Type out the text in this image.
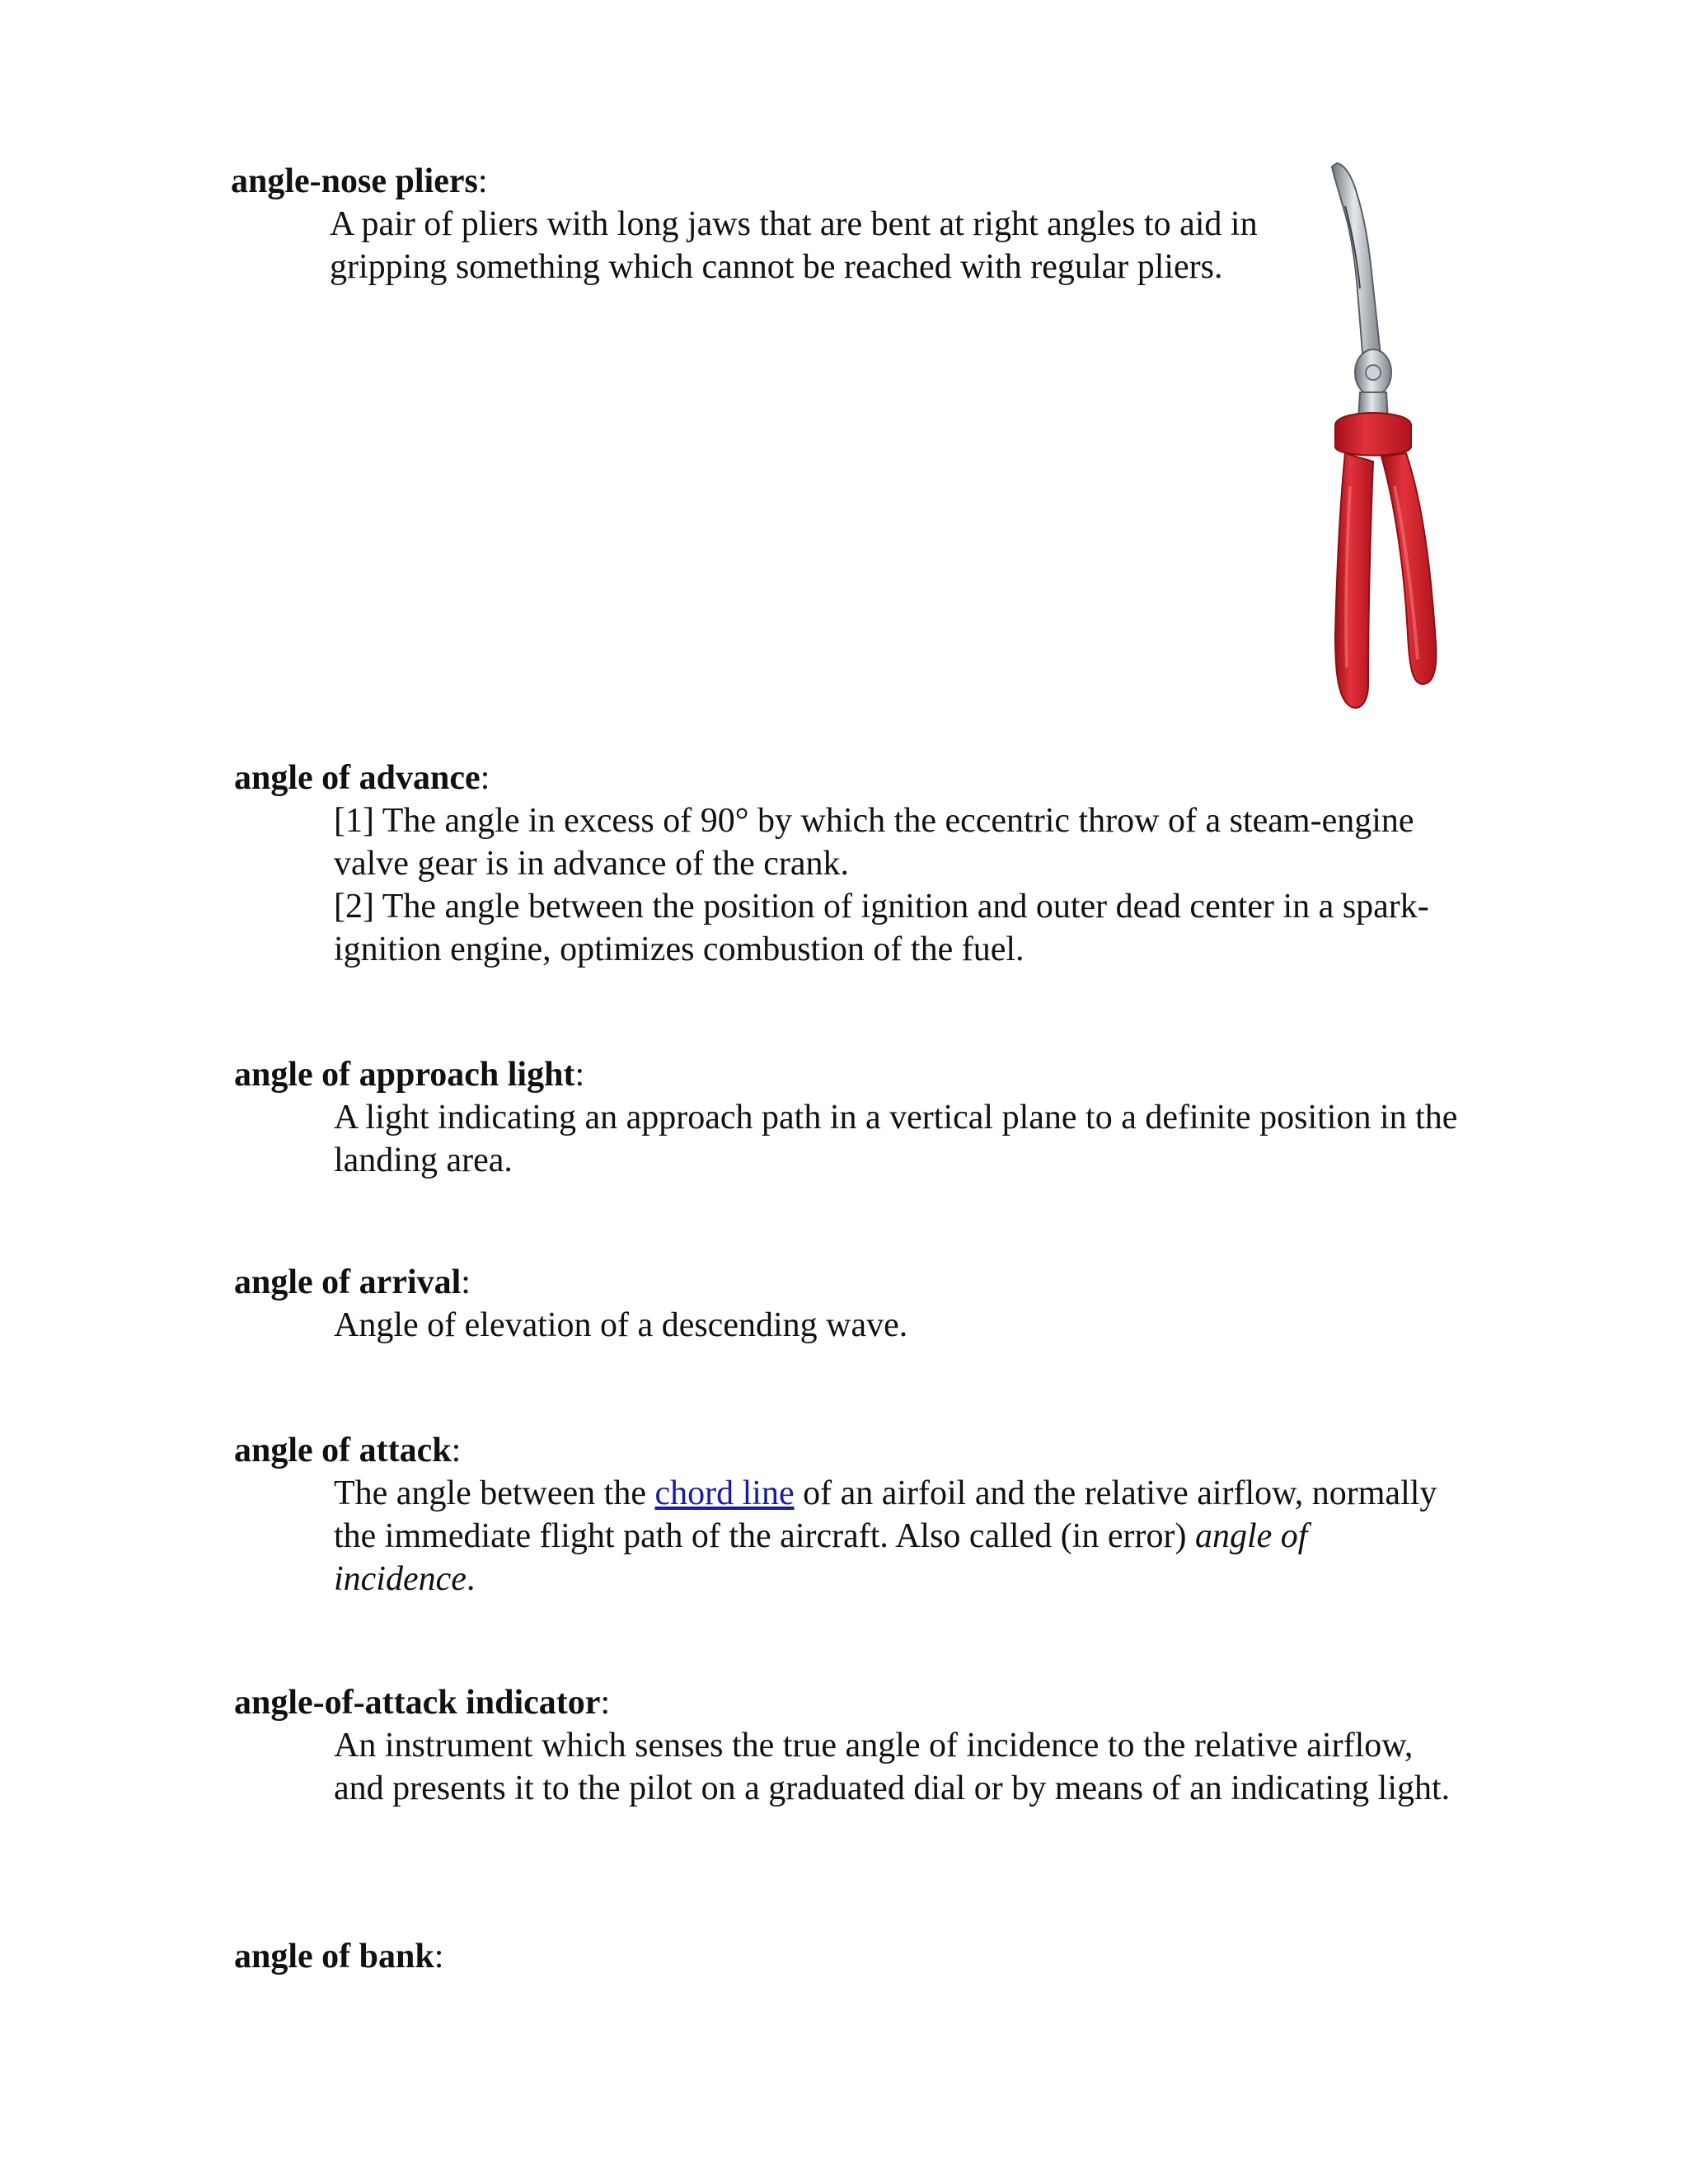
angle-nose pliers:

A pair of pliers with long jaws that are bent at right angles to aid in gripping something which cannot be reached with regular pliers.

angle of advance:

[1] The angle in excess of 90° by which the eccentric throw of a steam-engine valve gear is in advance of the crank.

[2] The angle between the position of ignition and outer dead center in a spark-ignition engine, optimizes combustion of the fuel.

angle of approach light:

A light indicating an approach path in a vertical plane to a definite position in the landing area.

angle of arrival:

Angle of elevation of a descending wave.

angle of attack:

The angle between the chord line of an airfoil and the relative airflow, normally the immediate flight path of the aircraft. Also called (in error) angle of incidence.

angle-of-attack indicator:

An instrument which senses the true angle of incidence to the relative airflow, and presents it to the pilot on a graduated dial or by means of an indicating light.

angle of bank:
